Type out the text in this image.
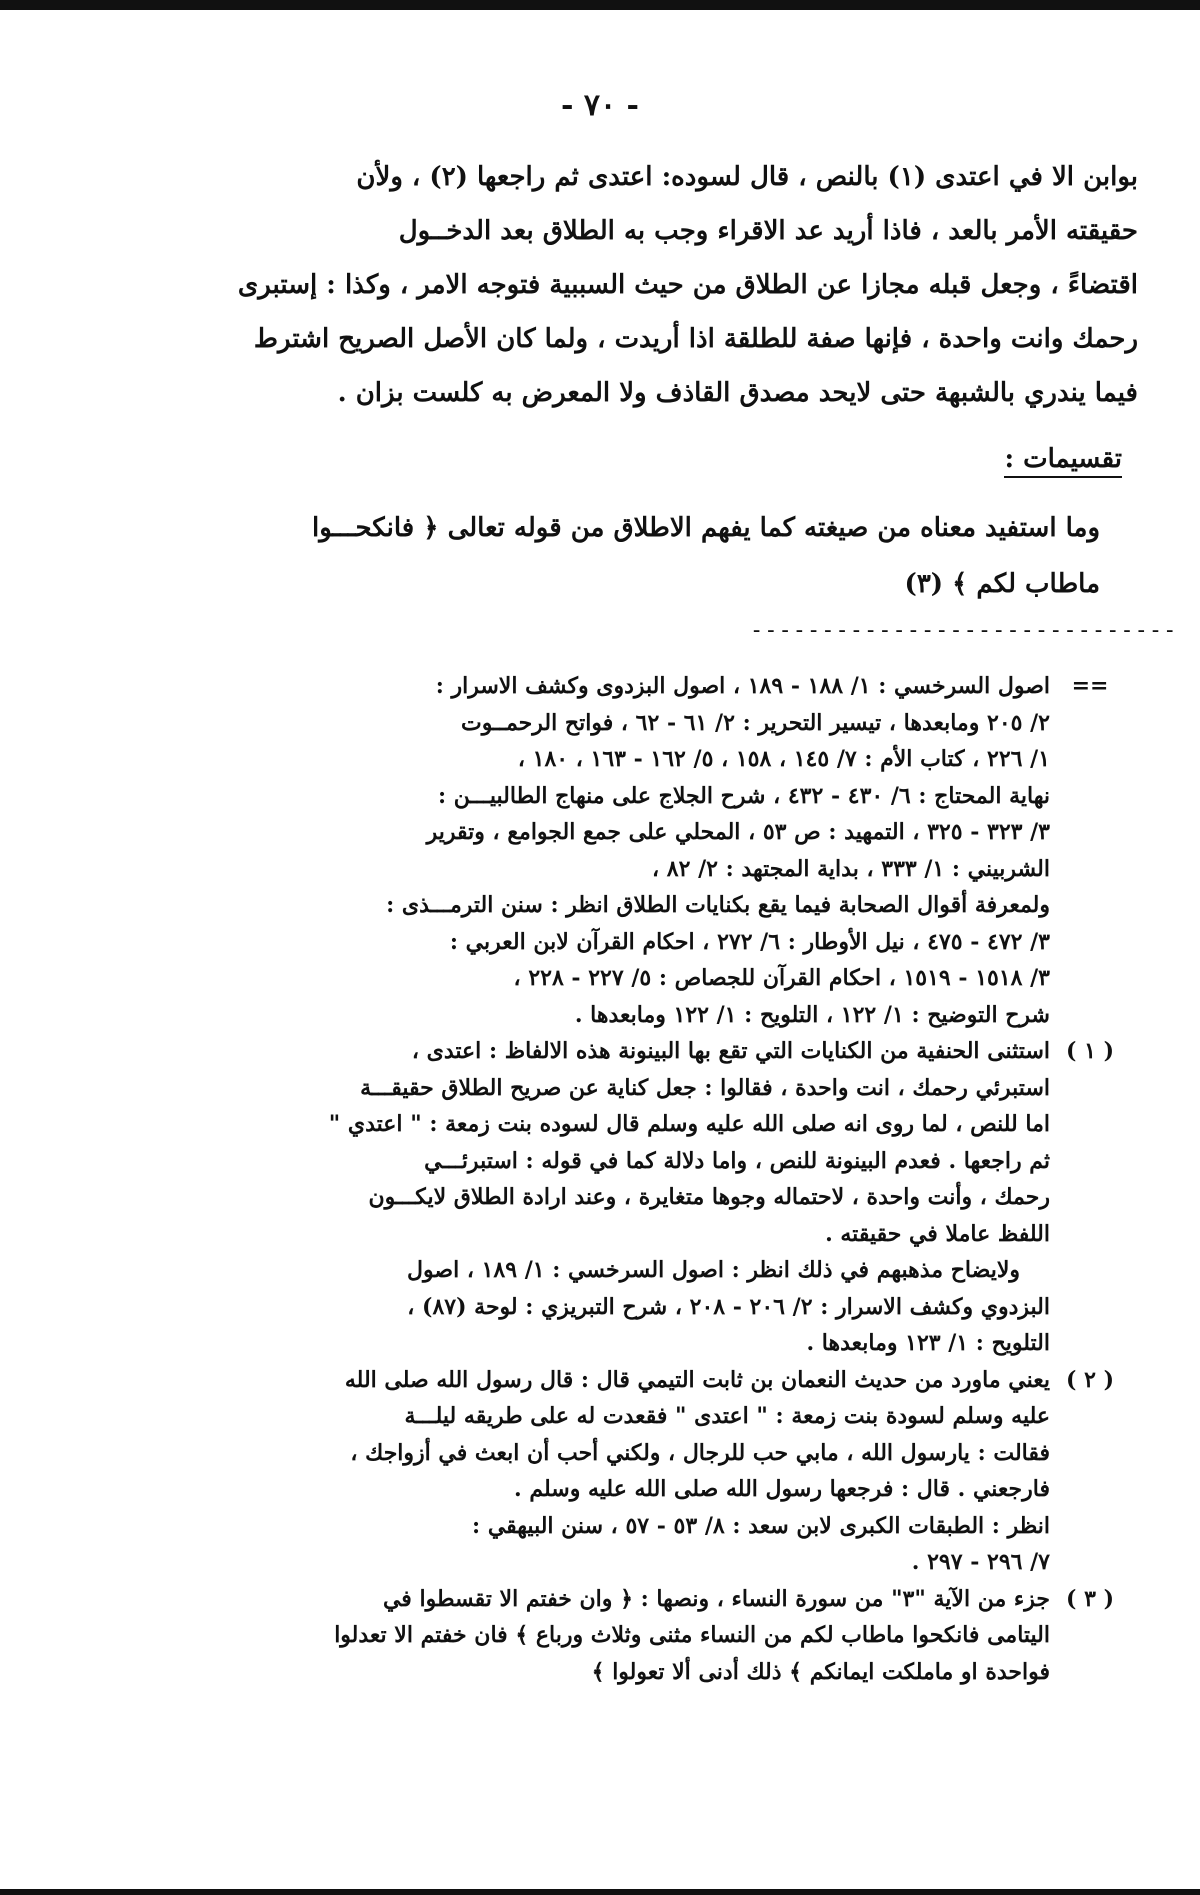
- ٧٠ -

بوابن الا في اعتدى (١) بالنص ، قال لسوده: اعتدى ثم راجعها (٢) ، ولأن

حقيقته الأمر بالعد ، فاذا أريد عد الاقراء وجب به الطلاق بعد الدخــول

اقتضاءً ، وجعل قبله مجازا عن الطلاق من حيث السببية فتوجه الامر ، وكذا : إستبرى

رحمك وانت واحدة ، فإنها صفة للطلقة اذا أريدت ، ولما كان الأصل الصريح اشترط

فيما يندري بالشبهة حتى لايحد مصدق القاذف ولا المعرض به كلست بزان .

تقسيمات :

وما استفيد معناه من صيغته كما يفهم الاطلاق من قوله تعالى ﴿ فانكحـــوا

ماطاب لكم ﴾ (٣)

------------------------------
==

اصول السرخسي : ١/ ١٨٨ - ١٨٩ ، اصول البزدوى وكشف الاسرار :

٢/ ٢٠٥ ومابعدها ، تيسير التحرير : ٢/ ٦١ - ٦٢ ، فواتح الرحمــوت

١/ ٢٢٦ ، كتاب الأم : ٧/ ١٤٥ ، ١٥٨ ، ٥/ ١٦٢ - ١٦٣ ، ١٨٠ ،

نهاية المحتاج : ٦/ ٤٣٠ - ٤٣٢ ، شرح الجلاج على منهاج الطالبيـــن :

٣/ ٣٢٣ - ٣٢٥ ، التمهيد : ص ٥٣ ، المحلي على جمع الجوامع ، وتقرير

الشربيني : ١/ ٣٣٣ ، بداية المجتهد : ٢/ ٨٢ ،

ولمعرفة أقوال الصحابة فيما يقع بكنايات الطلاق انظر : سنن الترمـــذى :

٣/ ٤٧٢ - ٤٧٥ ، نيل الأوطار : ٦/ ٢٧٢ ، احكام القرآن لابن العربي :

٣/ ١٥١٨ - ١٥١٩ ، احكام القرآن للجصاص : ٥/ ٢٢٧ - ٢٢٨ ،

شرح التوضيح : ١/ ١٢٢ ، التلويح : ١/ ١٢٢ ومابعدها .

( ١ )

استثنى الحنفية من الكنايات التي تقع بها البينونة هذه الالفاظ : اعتدى ،

استبرئي رحمك ، انت واحدة ، فقالوا : جعل كناية عن صريح الطلاق حقيقـــة

اما للنص ، لما روى انه صلى الله عليه وسلم قال لسوده بنت زمعة : " اعتدي "

ثم راجعها . فعدم البينونة للنص ، واما دلالة كما في قوله : استبرئـــي

رحمك ، وأنت واحدة ، لاحتماله وجوها متغايرة ، وعند ارادة الطلاق لايكـــون

اللفظ عاملا في حقيقته .

ولايضاح مذهبهم في ذلك انظر : اصول السرخسي : ١/ ١٨٩ ، اصول

البزدوي وكشف الاسرار : ٢/ ٢٠٦ - ٢٠٨ ، شرح التبريزي : لوحة (٨٧) ،

التلويح : ١/ ١٢٣ ومابعدها .

( ٢ )

يعني ماورد من حديث النعمان بن ثابت التيمي قال : قال رسول الله صلى الله

عليه وسلم لسودة بنت زمعة : " اعتدى " فقعدت له على طريقه ليلـــة

فقالت : يارسول الله ، مابي حب للرجال ، ولكني أحب أن ابعث في أزواجك ،

فارجعني . قال : فرجعها رسول الله صلى الله عليه وسلم .

انظر : الطبقات الكبرى لابن سعد : ٨/ ٥٣ - ٥٧ ، سنن البيهقي :

٧/ ٢٩٦ - ٢٩٧ .

( ٣ )

جزء من الآية "٣" من سورة النساء ، ونصها : ﴿ وان خفتم الا تقسطوا في

اليتامى فانكحوا ماطاب لكم من النساء مثنى وثلاث ورباع ﴾ فان خفتم الا تعدلوا

فواحدة او ماملكت ايمانكم ﴾ ذلك أدنى ألا تعولوا ﴾
